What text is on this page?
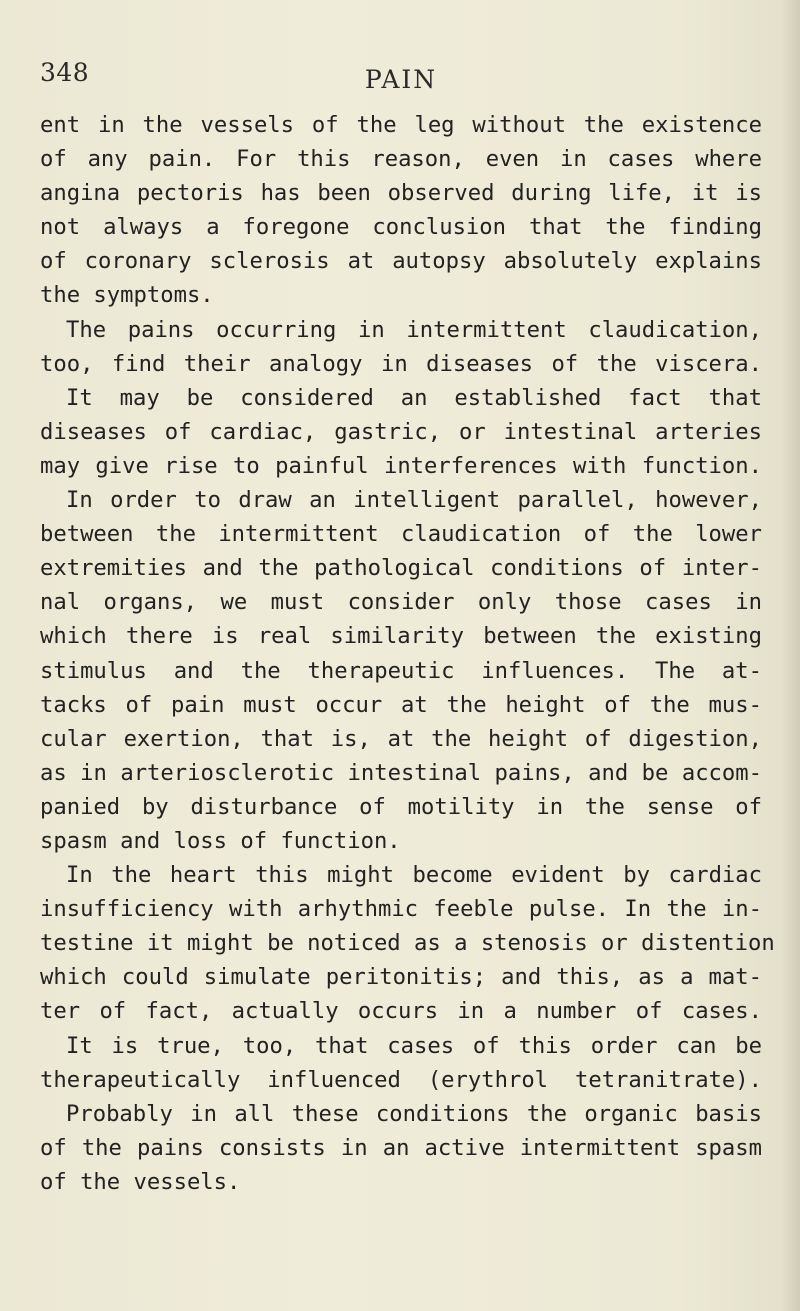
348	PAIN
ent in the vessels of the leg without the existence
of any pain. For this reason, even in cases where
angina pectoris has been observed during life, it is
not always a foregone conclusion that the finding
of coronary sclerosis at autopsy absolutely explains
the symptoms.
The pains occurring in intermittent claudication,
too, find their analogy in diseases of the viscera.
It may be considered an established fact that
diseases of cardiac, gastric, or intestinal arteries
may give rise to painful interferences with function.
In order to draw an intelligent parallel, however,
between the intermittent claudication of the lower
extremities and the pathological conditions of inter-
nal organs, we must consider only those cases in
which there is real similarity between the existing
stimulus and the therapeutic influences. The at-
tacks of pain must occur at the height of the mus-
cular exertion, that is, at the height of digestion,
as in arteriosclerotic intestinal pains, and be accom-
panied by disturbance of motility in the sense of
spasm and loss of function.
In the heart this might become evident by cardiac
insufficiency with arhythmic feeble pulse. In the in-
testine it might be noticed as a stenosis or distention
which could simulate peritonitis; and this, as a mat-
ter of fact, actually occurs in a number of cases.
It is true, too, that cases of this order can be
therapeutically influenced (erythrol tetranitrate).
Probably in all these conditions the organic basis
of the pains consists in an active intermittent spasm
of the vessels.
